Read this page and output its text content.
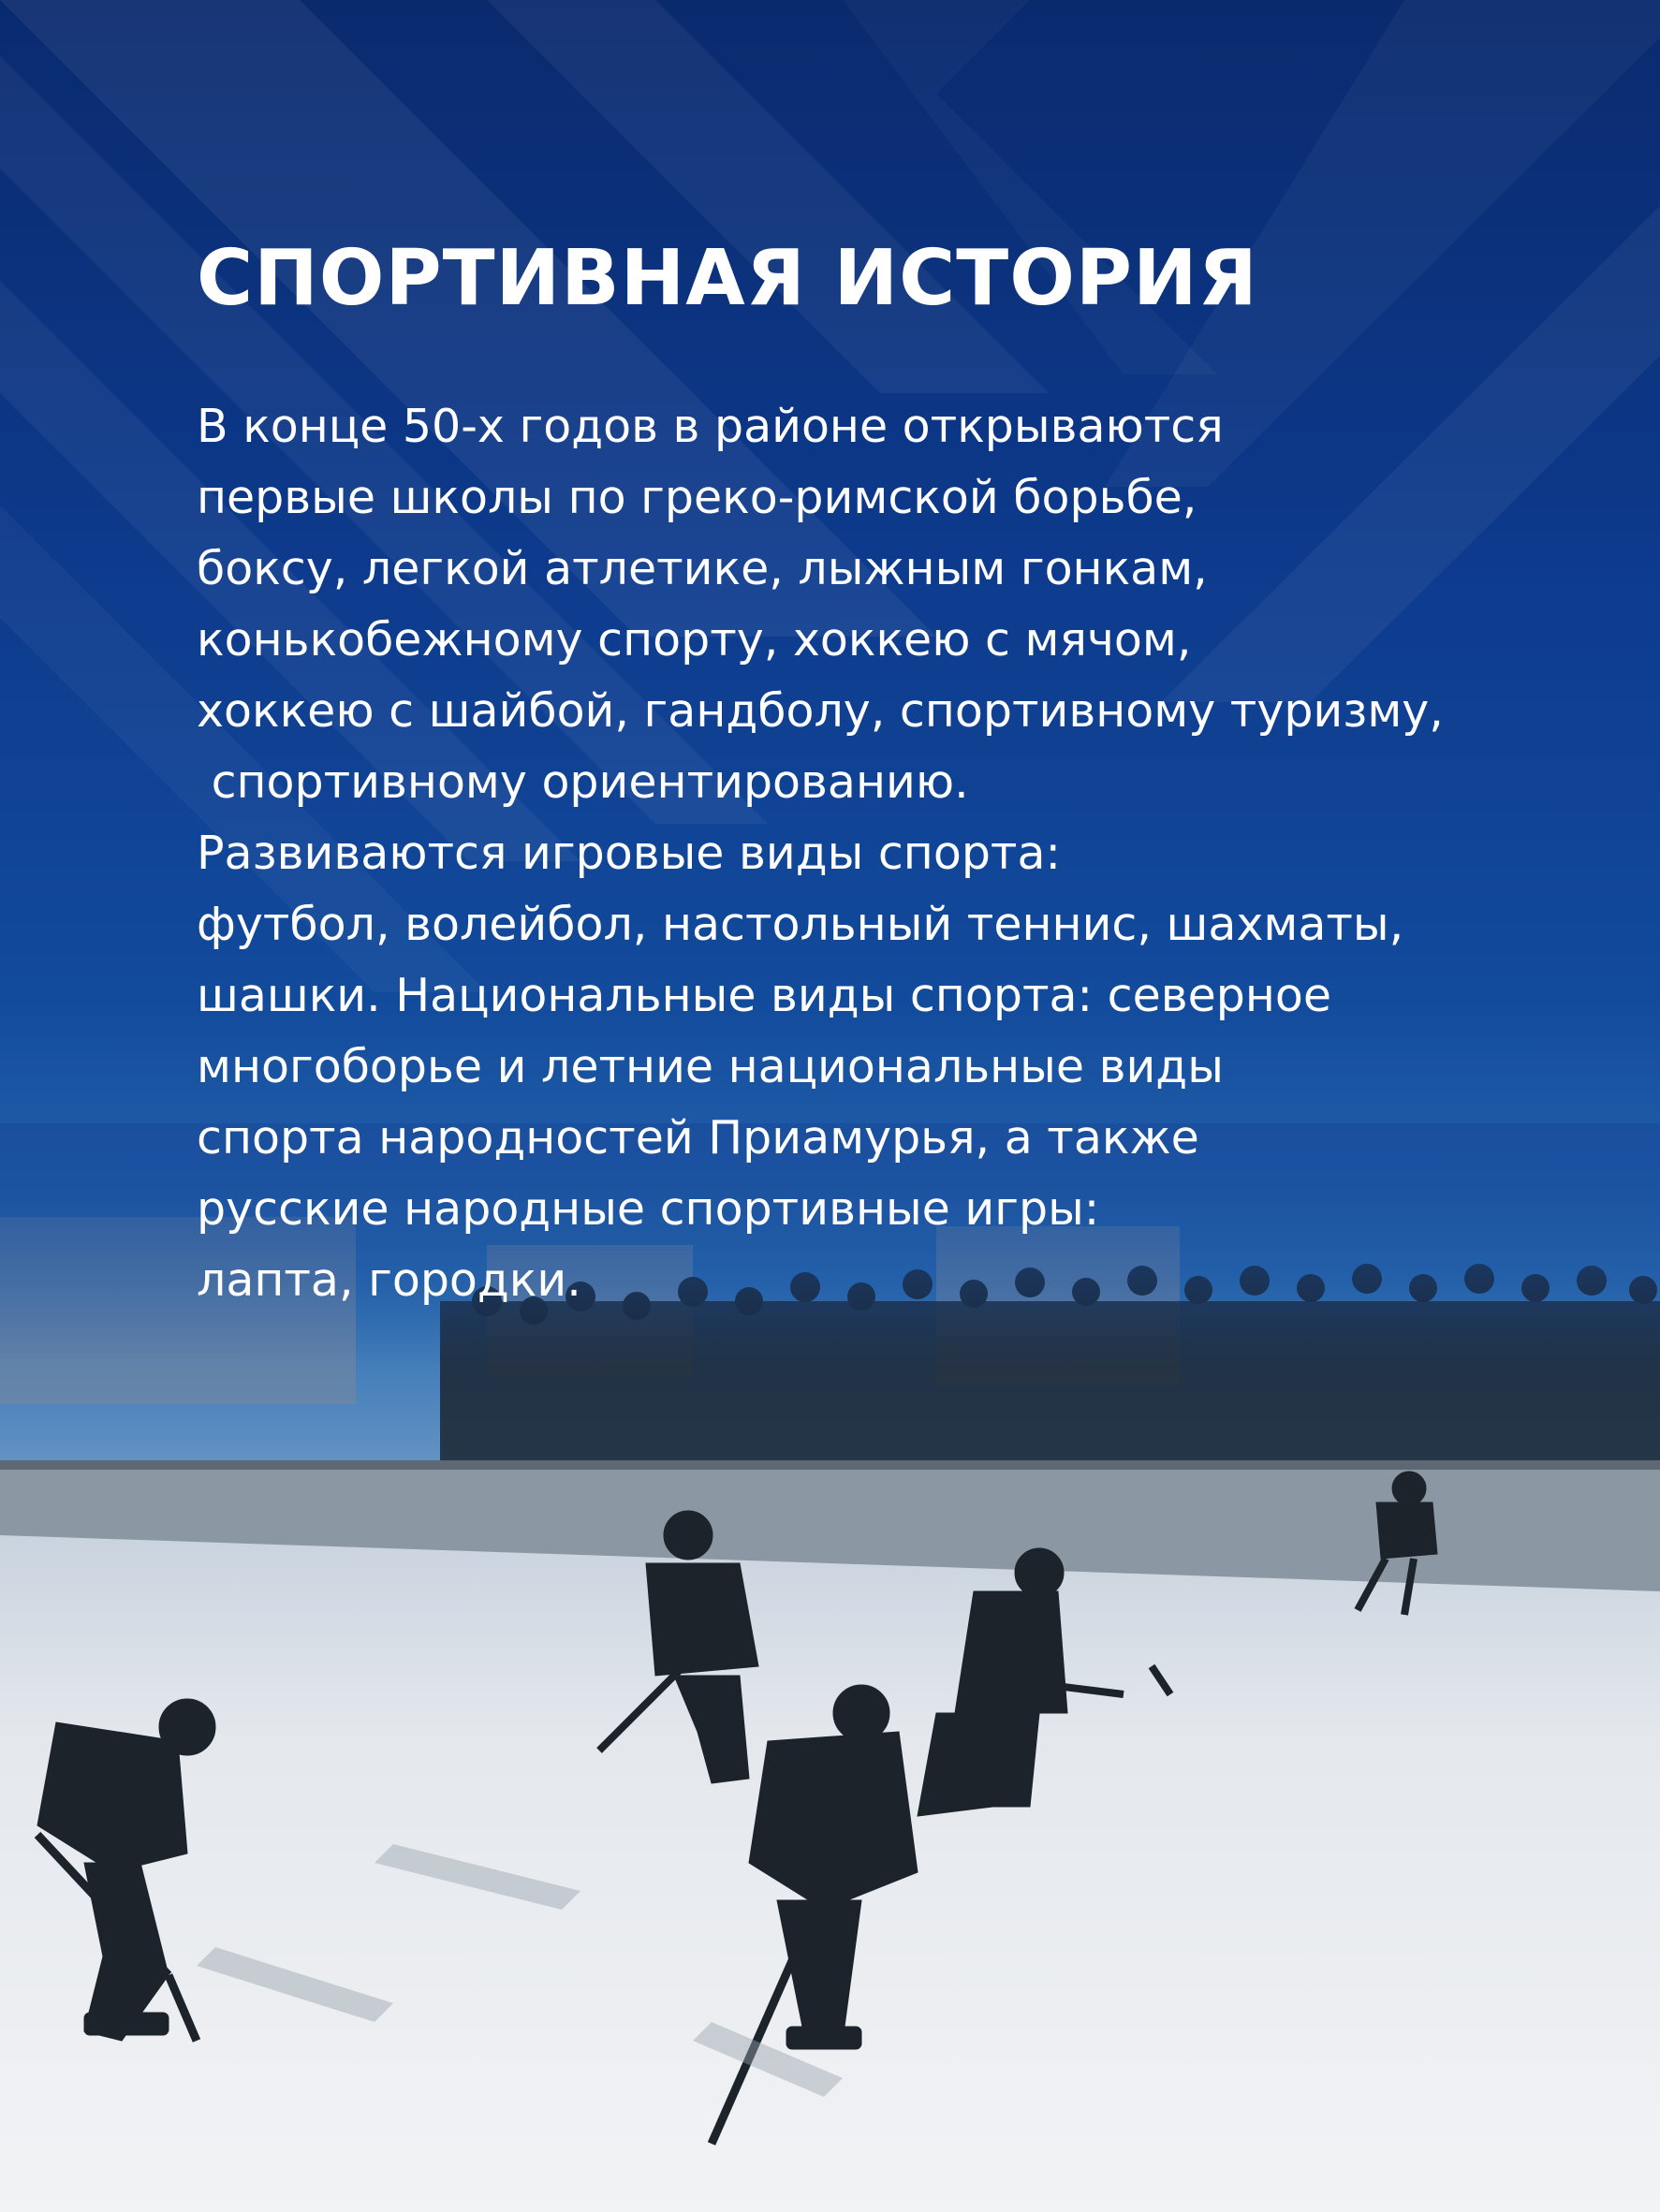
СПОРТИВНАЯ ИСТОРИЯ
В конце 50-х годов в районе открываются
первые школы по греко-римской борьбе,
боксу, легкой атлетике, лыжным гонкам,
конькобежному спорту, хоккею с мячом,
хоккею с шайбой, гандболу, спортивному туризму,
спортивному ориентированию.
Развиваются игровые виды спорта:
футбол, волейбол, настольный теннис, шахматы,
шашки. Национальные виды спорта: северное
многоборье и летние национальные виды
спорта народностей Приамурья, а также
русские народные спортивные игры:
лапта, городки.
